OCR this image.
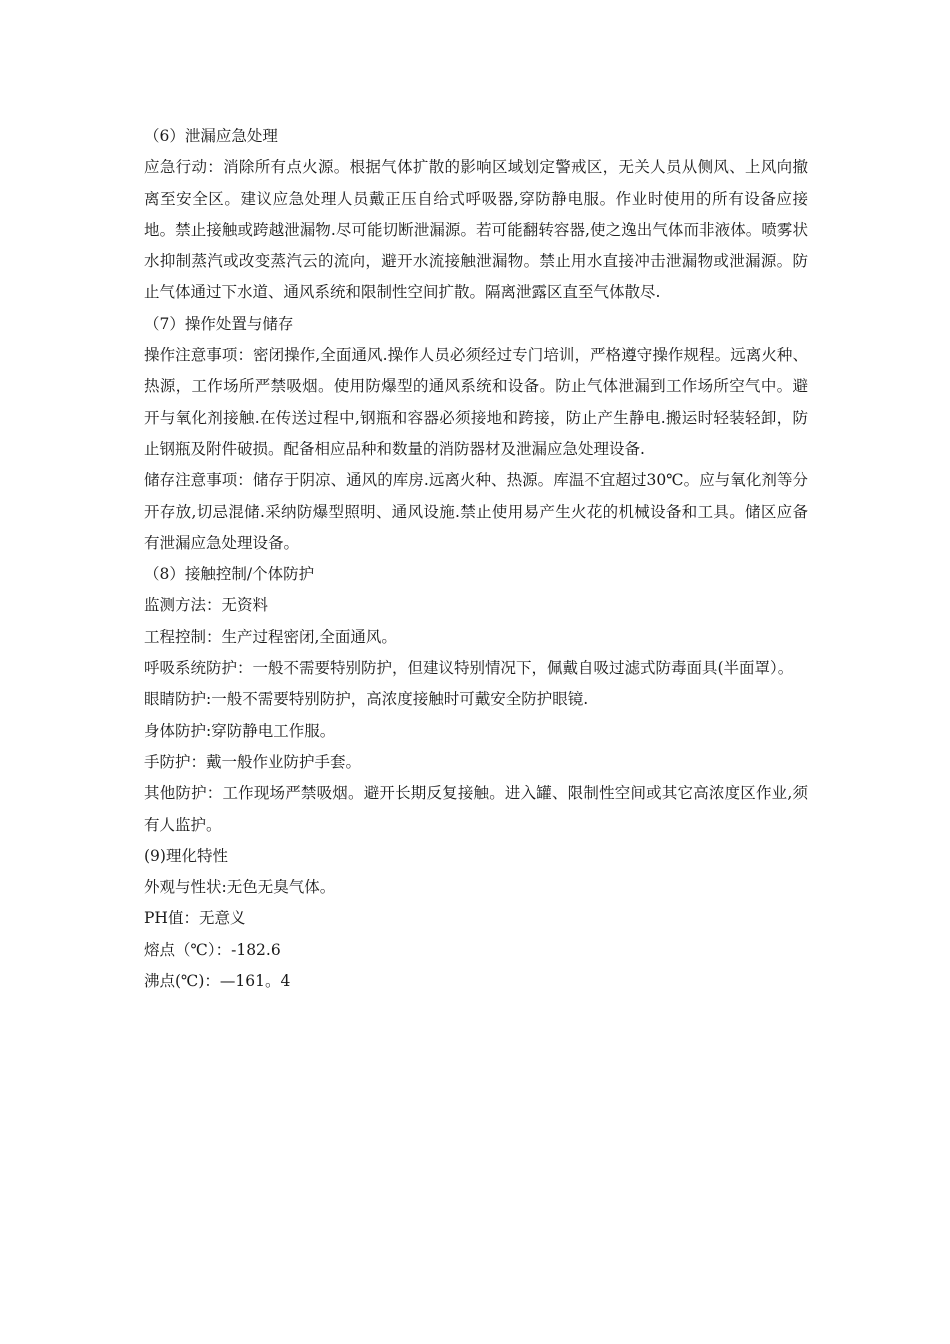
（6）泄漏应急处理

应急行动：消除所有点火源。根据气体扩散的影响区域划定警戒区，无关人员从侧风、上风向撤离至安全区。建议应急处理人员戴正压自给式呼吸器,穿防静电服。作业时使用的所有设备应接地。禁止接触或跨越泄漏物.尽可能切断泄漏源。若可能翻转容器,使之逸出气体而非液体。喷雾状水抑制蒸汽或改变蒸汽云的流向，避开水流接触泄漏物。禁止用水直接冲击泄漏物或泄漏源。防止气体通过下水道、通风系统和限制性空间扩散。隔离泄露区直至气体散尽.

（7）操作处置与储存

操作注意事项：密闭操作,全面通风.操作人员必须经过专门培训，严格遵守操作规程。远离火种、热源，工作场所严禁吸烟。使用防爆型的通风系统和设备。防止气体泄漏到工作场所空气中。避开与氧化剂接触.在传送过程中,钢瓶和容器必须接地和跨接，防止产生静电.搬运时轻装轻卸，防止钢瓶及附件破损。配备相应品种和数量的消防器材及泄漏应急处理设备.

储存注意事项：储存于阴凉、通风的库房.远离火种、热源。库温不宜超过30℃。应与氧化剂等分开存放,切忌混储.采纳防爆型照明、通风设施.禁止使用易产生火花的机械设备和工具。储区应备有泄漏应急处理设备。

（8）接触控制/个体防护

监测方法：无资料

工程控制：生产过程密闭,全面通风。

呼吸系统防护：一般不需要特别防护，但建议特别情况下，佩戴自吸过滤式防毒面具(半面罩）。

眼睛防护:一般不需要特别防护，高浓度接触时可戴安全防护眼镜.

身体防护:穿防静电工作服。

手防护：戴一般作业防护手套。

其他防护：工作现场严禁吸烟。避开长期反复接触。进入罐、限制性空间或其它高浓度区作业,须有人监护。

(9)理化特性

外观与性状:无色无臭气体。

PH值：无意义

熔点（℃）：-182.6

沸点(℃)：—161。4
